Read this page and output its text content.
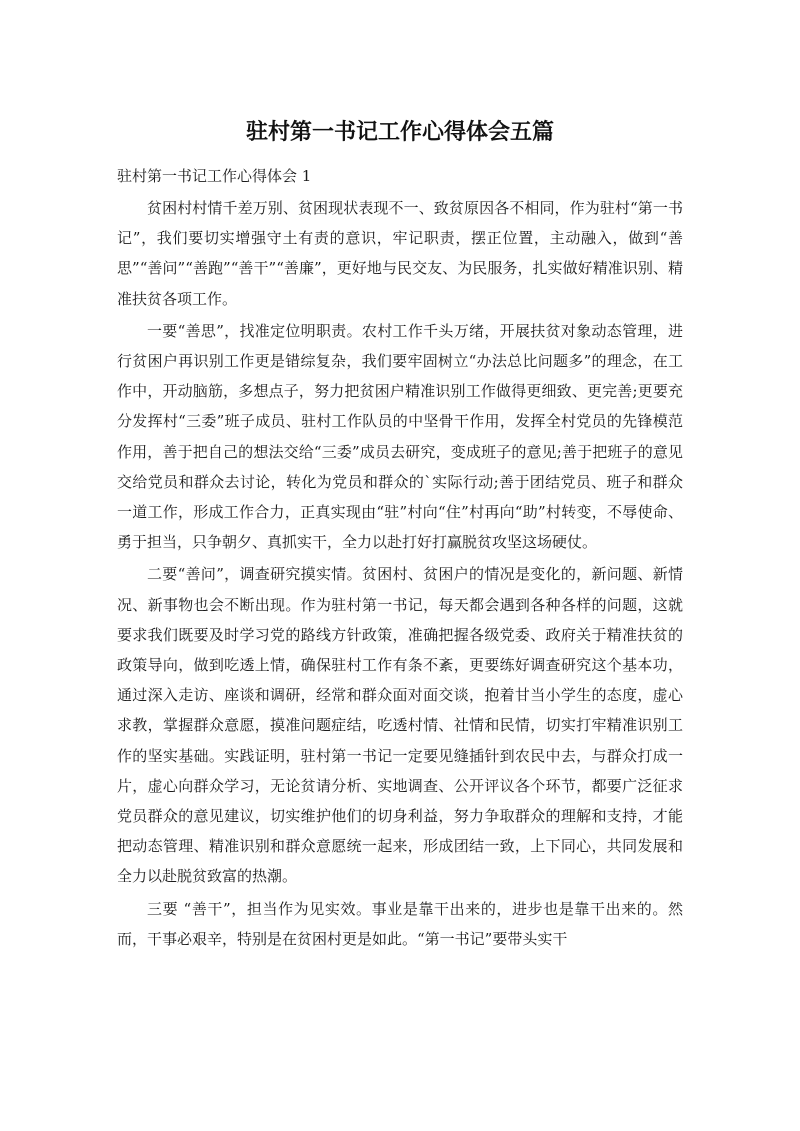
驻村第一书记工作心得体会五篇

驻村第一书记工作心得体会 1

贫困村村情千差万别、贫困现状表现不一、致贫原因各不相同，作为驻村“第一书记”，我们要切实增强守土有责的意识，牢记职责，摆正位置，主动融入，做到“善思”“善问”“善跑”“善干”“善廉”，更好地与民交友、为民服务，扎实做好精准识别、精准扶贫各项工作。

一要“善思”，找准定位明职责。农村工作千头万绪，开展扶贫对象动态管理，进行贫困户再识别工作更是错综复杂，我们要牢固树立“办法总比问题多”的理念，在工作中，开动脑筋，多想点子，努力把贫困户精准识别工作做得更细致、更完善;更要充分发挥村“三委”班子成员、驻村工作队员的中坚骨干作用，发挥全村党员的先锋模范作用，善于把自己的想法交给“三委”成员去研究，变成班子的意见;善于把班子的意见交给党员和群众去讨论，转化为党员和群众的`实际行动;善于团结党员、班子和群众一道工作，形成工作合力，正真实现由“驻”村向“住”村再向“助”村转变，不辱使命、勇于担当，只争朝夕、真抓实干，全力以赴打好打赢脱贫攻坚这场硬仗。

二要“善问”，调查研究摸实情。贫困村、贫困户的情况是变化的，新问题、新情况、新事物也会不断出现。作为驻村第一书记，每天都会遇到各种各样的问题，这就要求我们既要及时学习党的路线方针政策，准确把握各级党委、政府关于精准扶贫的政策导向，做到吃透上情，确保驻村工作有条不紊，更要练好调查研究这个基本功，通过深入走访、座谈和调研，经常和群众面对面交谈，抱着甘当小学生的态度，虚心求教，掌握群众意愿，摸准问题症结，吃透村情、社情和民情，切实打牢精准识别工作的坚实基础。实践证明，驻村第一书记一定要见缝插针到农民中去，与群众打成一片，虚心向群众学习，无论贫请分析、实地调查、公开评议各个环节，都要广泛征求党员群众的意见建议，切实维护他们的切身利益，努力争取群众的理解和支持，才能把动态管理、精准识别和群众意愿统一起来，形成团结一致，上下同心，共同发展和全力以赴脱贫致富的热潮。

三要 “善干”，担当作为见实效。事业是靠干出来的，进步也是靠干出来的。然而，干事必艰辛，特别是在贫困村更是如此。“第一书记”要带头实干
